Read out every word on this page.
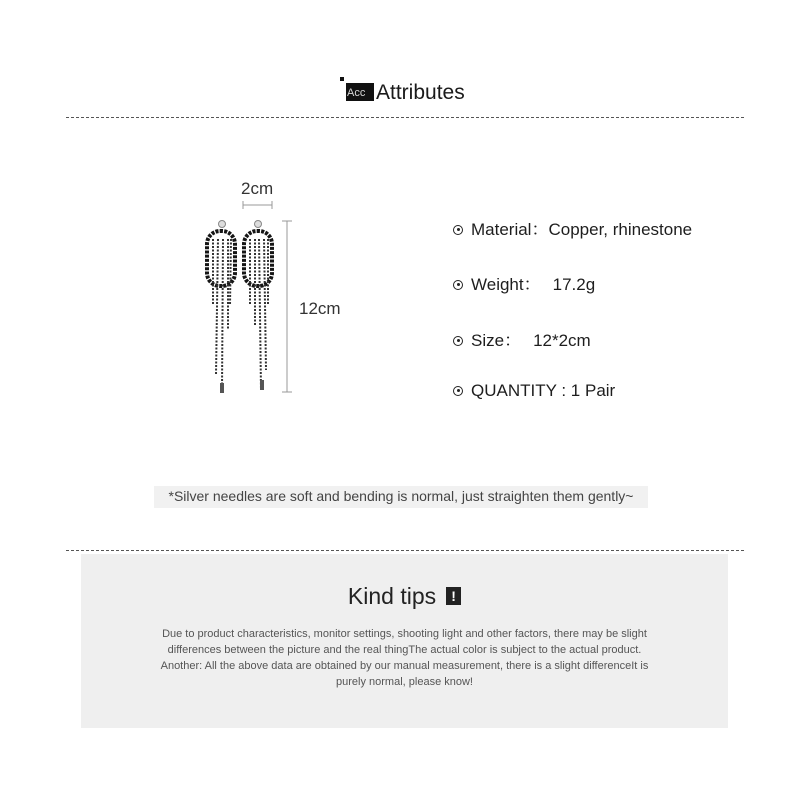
Acc Attributes
2cm
12cm
Material：Copper, rhinestone
Weight： 17.2g
Size： 12*2cm
QUANTITY : 1 Pair
*Silver needles are soft and bending is normal, just straighten them gently~
Kind tips !
Due to product characteristics, monitor settings, shooting light and other factors, there may be slight
differences between the picture and the real thingThe actual color is subject to the actual product.
Another: All the above data are obtained by our manual measurement, there is a slight differenceIt is
purely normal, please know!
